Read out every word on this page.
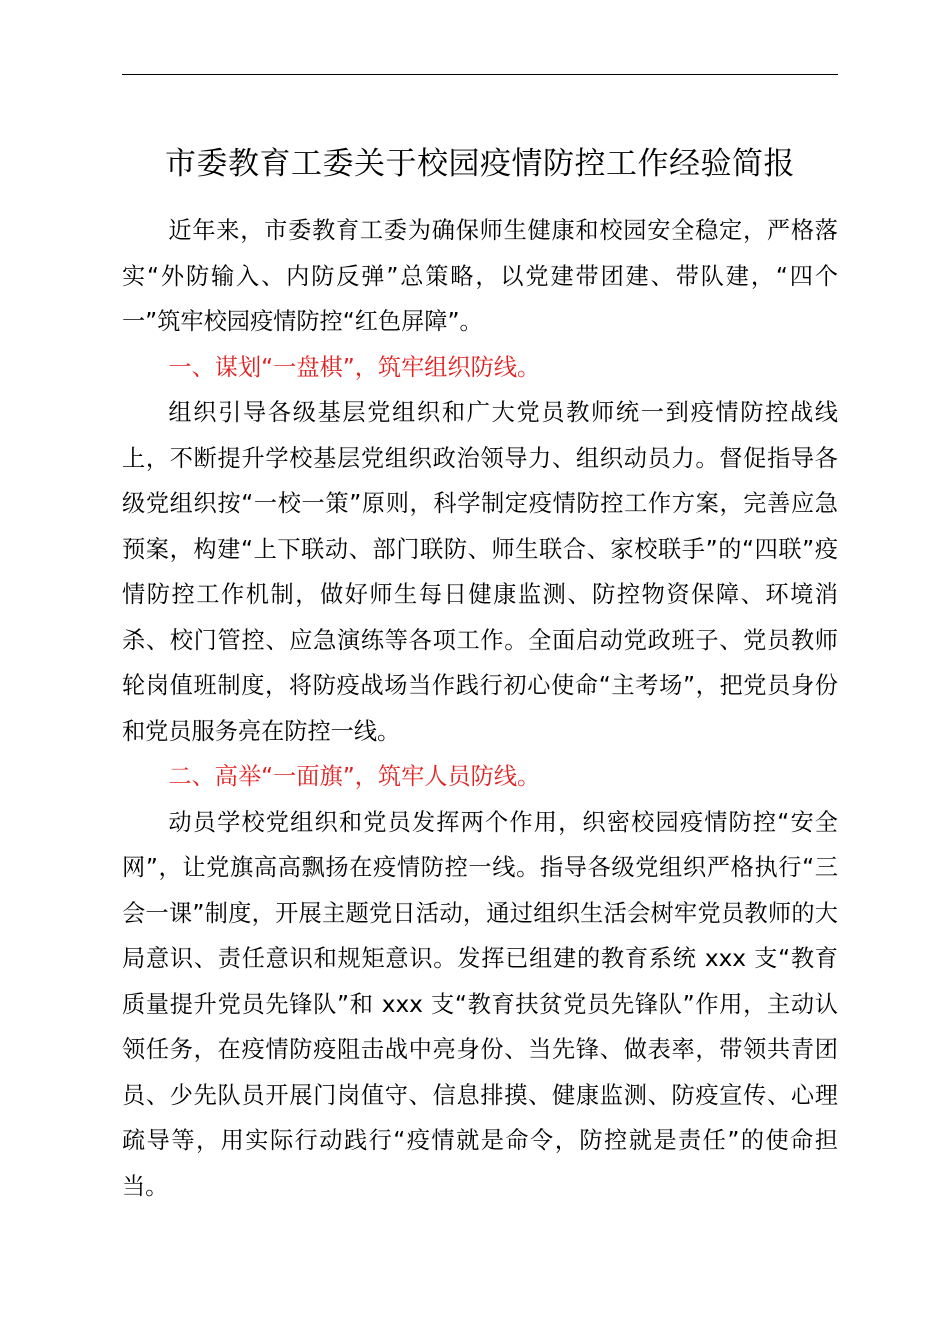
市委教育工委关于校园疫情防控工作经验简报

近年来，市委教育工委为确保师生健康和校园安全稳定，严格落实“外防输入、内防反弹”总策略，以党建带团建、带队建，“四个一”筑牢校园疫情防控“红色屏障”。

一、谋划“一盘棋”，筑牢组织防线。

组织引导各级基层党组织和广大党员教师统一到疫情防控战线上，不断提升学校基层党组织政治领导力、组织动员力。督促指导各级党组织按“一校一策”原则，科学制定疫情防控工作方案，完善应急预案，构建“上下联动、部门联防、师生联合、家校联手”的“四联”疫情防控工作机制，做好师生每日健康监测、防控物资保障、环境消杀、校门管控、应急演练等各项工作。全面启动党政班子、党员教师轮岗值班制度，将防疫战场当作践行初心使命“主考场”，把党员身份和党员服务亮在防控一线。

二、高举“一面旗”，筑牢人员防线。

动员学校党组织和党员发挥两个作用，织密校园疫情防控“安全网”，让党旗高高飘扬在疫情防控一线。指导各级党组织严格执行“三会一课”制度，开展主题党日活动，通过组织生活会树牢党员教师的大局意识、责任意识和规矩意识。发挥已组建的教育系统 xxx 支“教育质量提升党员先锋队”和 xxx 支“教育扶贫党员先锋队”作用，主动认领任务，在疫情防疫阻击战中亮身份、当先锋、做表率，带领共青团员、少先队员开展门岗值守、信息排摸、健康监测、防疫宣传、心理疏导等，用实际行动践行“疫情就是命令，防控就是责任”的使命担当。
